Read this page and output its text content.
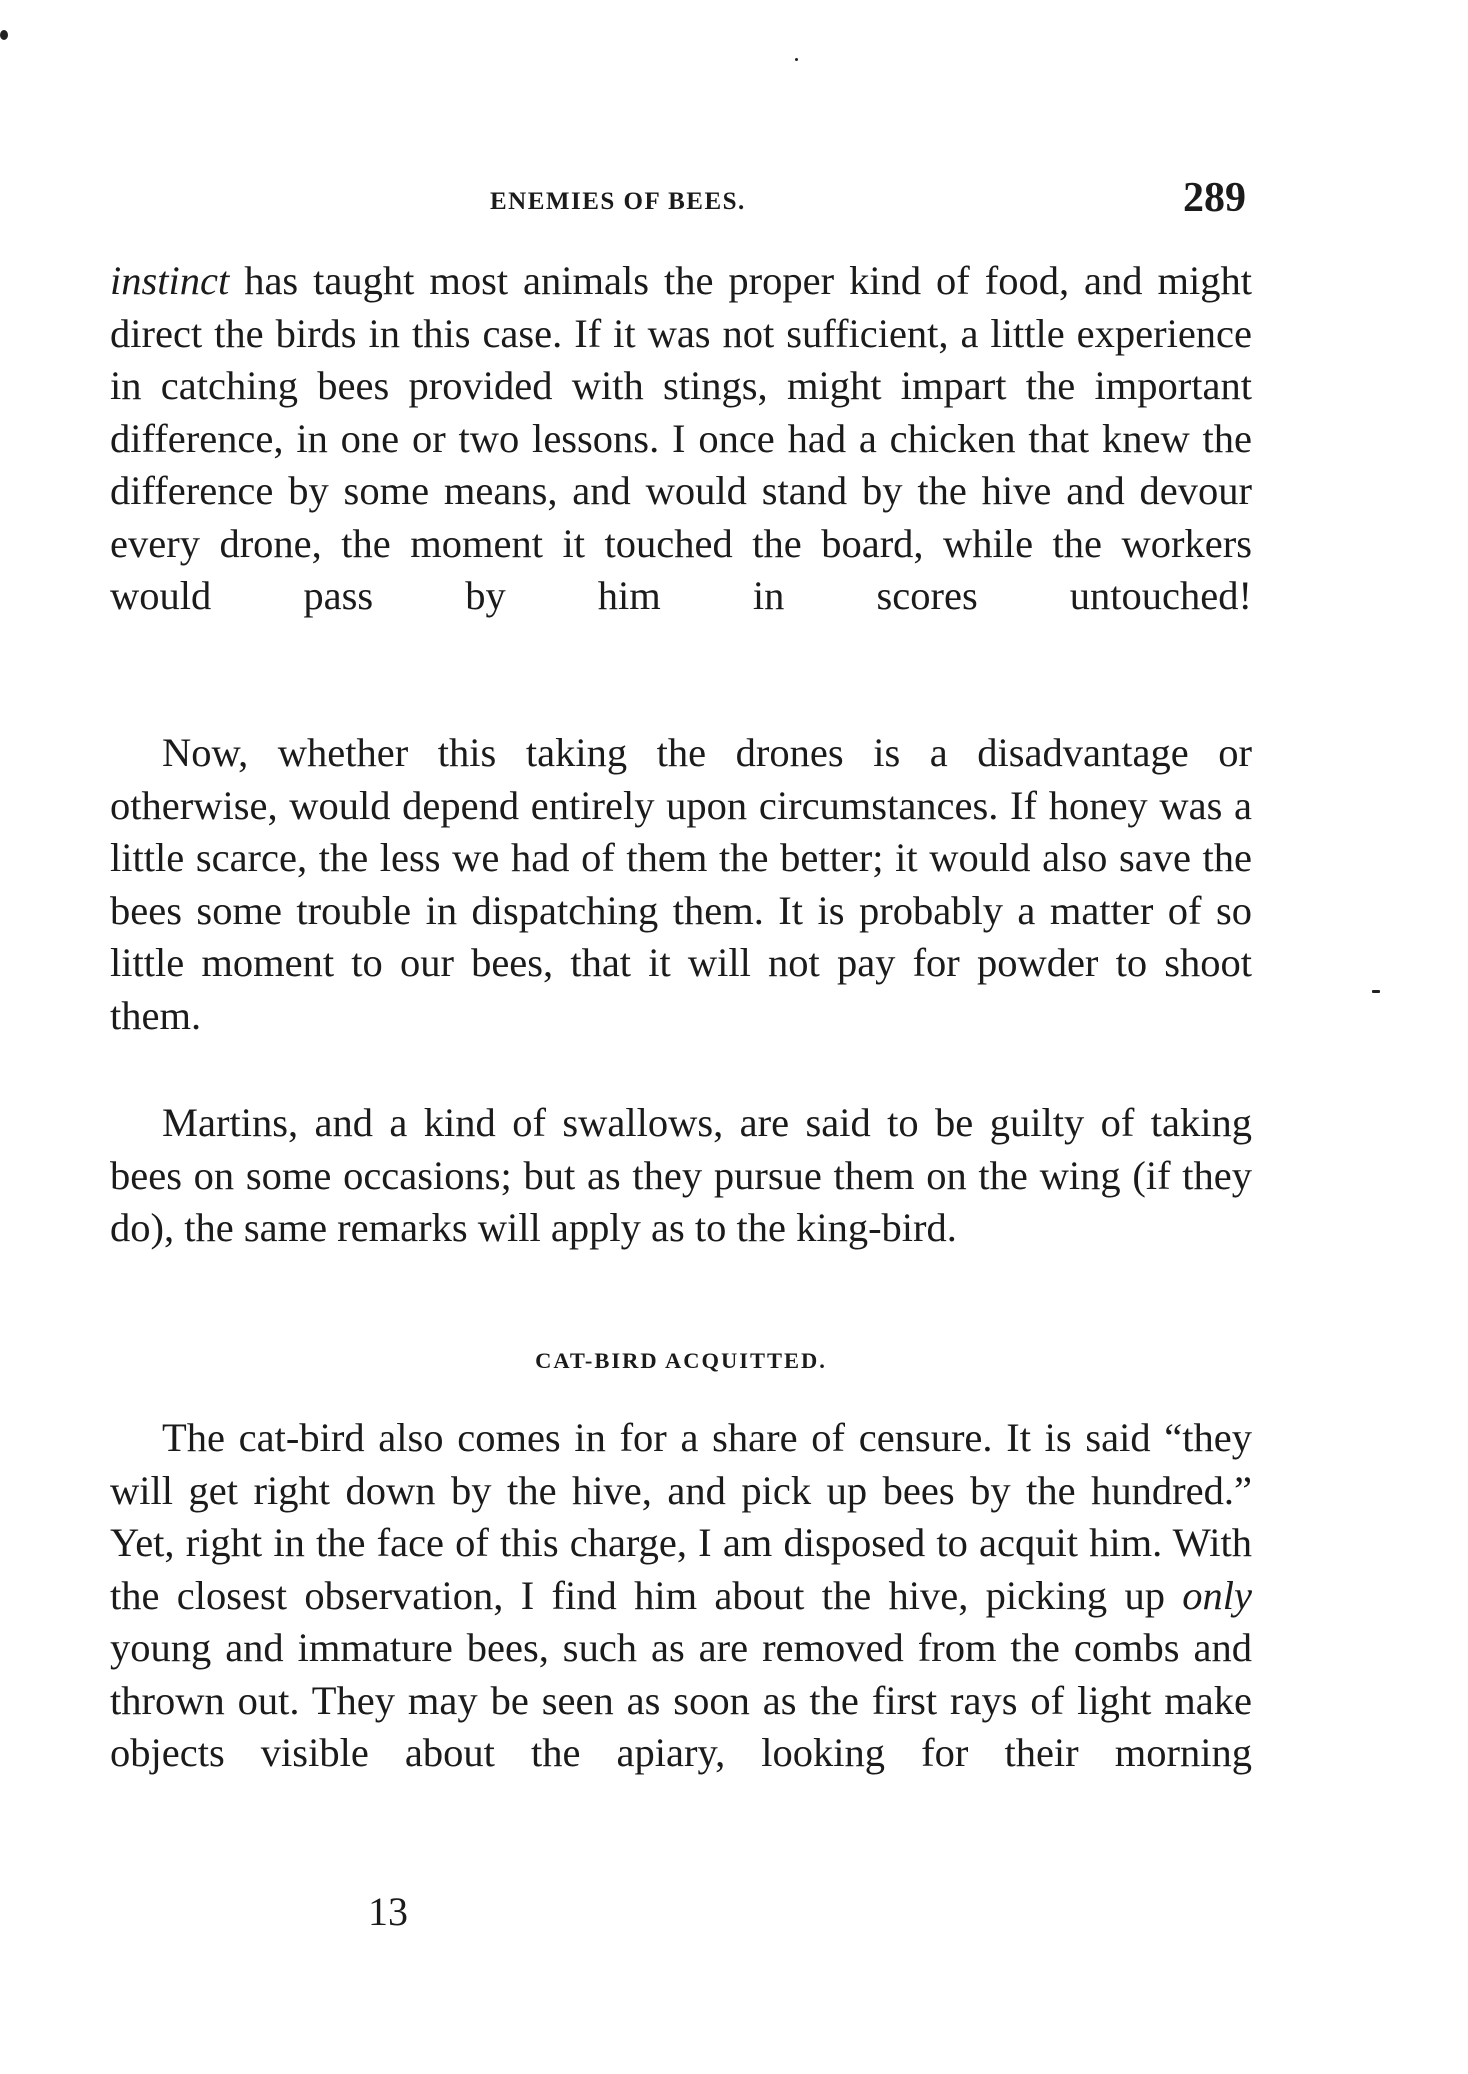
ENEMIES OF BEES.	289

instinct has taught most animals the proper kind of food, and might direct the birds in this case. If it was not sufficient, a little experience in catching bees provided with stings, might impart the important difference, in one or two lessons. I once had a chicken that knew the difference by some means, and would stand by the hive and devour every drone, the moment it touched the board, while the workers would pass by him in scores untouched!

Now, whether this taking the drones is a disadvantage or otherwise, would depend entirely upon circumstances. If honey was a little scarce, the less we had of them the better; it would also save the bees some trouble in dispatching them. It is probably a matter of so little moment to our bees, that it will not pay for powder to shoot them.

Martins, and a kind of swallows, are said to be guilty of taking bees on some occasions; but as they pursue them on the wing (if they do), the same remarks will apply as to the king-bird.

CAT-BIRD ACQUITTED.

The cat-bird also comes in for a share of censure. It is said “they will get right down by the hive, and pick up bees by the hundred.” Yet, right in the face of this charge, I am disposed to acquit him. With the closest observation, I find him about the hive, picking up only young and immature bees, such as are removed from the combs and thrown out. They may be seen as soon as the first rays of light make objects visible about the apiary, looking for their morning

13
